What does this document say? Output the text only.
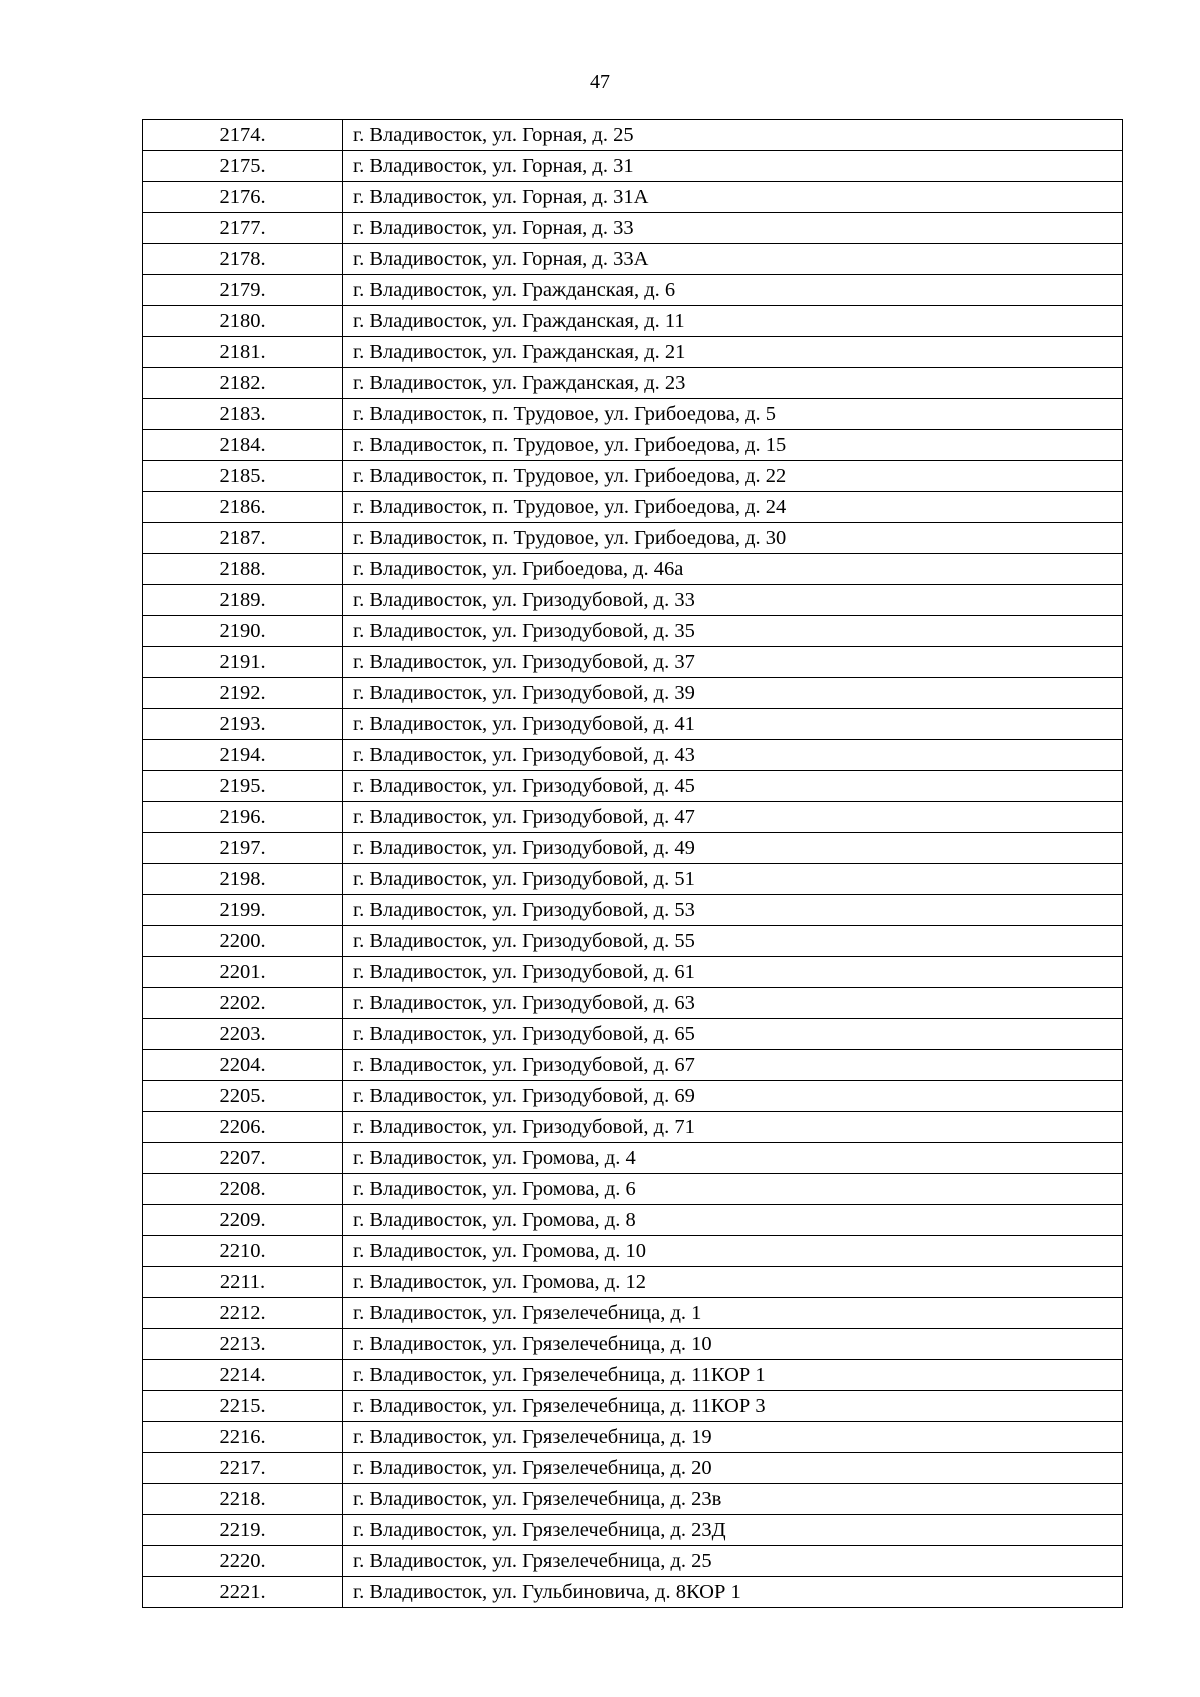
47
2174.	г. Владивосток, ул. Горная, д. 25
2175.	г. Владивосток, ул. Горная, д. 31
2176.	г. Владивосток, ул. Горная, д. 31А
2177.	г. Владивосток, ул. Горная, д. 33
2178.	г. Владивосток, ул. Горная, д. 33А
2179.	г. Владивосток, ул. Гражданская, д. 6
2180.	г. Владивосток, ул. Гражданская, д. 11
2181.	г. Владивосток, ул. Гражданская, д. 21
2182.	г. Владивосток, ул. Гражданская, д. 23
2183.	г. Владивосток, п. Трудовое, ул. Грибоедова, д. 5
2184.	г. Владивосток, п. Трудовое, ул. Грибоедова, д. 15
2185.	г. Владивосток, п. Трудовое, ул. Грибоедова, д. 22
2186.	г. Владивосток, п. Трудовое, ул. Грибоедова, д. 24
2187.	г. Владивосток, п. Трудовое, ул. Грибоедова, д. 30
2188.	г. Владивосток, ул. Грибоедова, д. 46а
2189.	г. Владивосток, ул. Гризодубовой, д. 33
2190.	г. Владивосток, ул. Гризодубовой, д. 35
2191.	г. Владивосток, ул. Гризодубовой, д. 37
2192.	г. Владивосток, ул. Гризодубовой, д. 39
2193.	г. Владивосток, ул. Гризодубовой, д. 41
2194.	г. Владивосток, ул. Гризодубовой, д. 43
2195.	г. Владивосток, ул. Гризодубовой, д. 45
2196.	г. Владивосток, ул. Гризодубовой, д. 47
2197.	г. Владивосток, ул. Гризодубовой, д. 49
2198.	г. Владивосток, ул. Гризодубовой, д. 51
2199.	г. Владивосток, ул. Гризодубовой, д. 53
2200.	г. Владивосток, ул. Гризодубовой, д. 55
2201.	г. Владивосток, ул. Гризодубовой, д. 61
2202.	г. Владивосток, ул. Гризодубовой, д. 63
2203.	г. Владивосток, ул. Гризодубовой, д. 65
2204.	г. Владивосток, ул. Гризодубовой, д. 67
2205.	г. Владивосток, ул. Гризодубовой, д. 69
2206.	г. Владивосток, ул. Гризодубовой, д. 71
2207.	г. Владивосток, ул. Громова, д. 4
2208.	г. Владивосток, ул. Громова, д. 6
2209.	г. Владивосток, ул. Громова, д. 8
2210.	г. Владивосток, ул. Громова, д. 10
2211.	г. Владивосток, ул. Громова, д. 12
2212.	г. Владивосток, ул. Грязелечебница, д. 1
2213.	г. Владивосток, ул. Грязелечебница, д. 10
2214.	г. Владивосток, ул. Грязелечебница, д. 11КОР 1
2215.	г. Владивосток, ул. Грязелечебница, д. 11КОР 3
2216.	г. Владивосток, ул. Грязелечебница, д. 19
2217.	г. Владивосток, ул. Грязелечебница, д. 20
2218.	г. Владивосток, ул. Грязелечебница, д. 23в
2219.	г. Владивосток, ул. Грязелечебница, д. 23Д
2220.	г. Владивосток, ул. Грязелечебница, д. 25
2221.	г. Владивосток, ул. Гульбиновича, д. 8КОР 1
